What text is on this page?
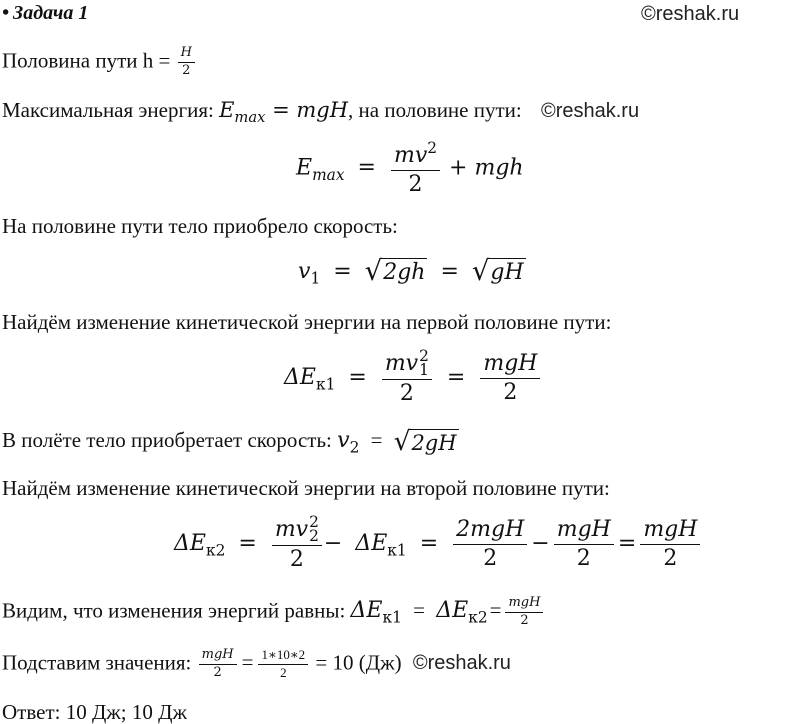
• Задача 1	©reshak.ru
Половина пути $h = \frac{H}{2}$
Максимальная энергия: $E_{max}$ = mgH, на половине пути: ©reshak.ru
$E_{max} = \frac{mv^2}{2}$ + mgh
На половине пути тело приобрело скорость:
$v_1$ = √ 2gh = √ gH
Найдём изменение кинетической энергии на первой половине пути:
$\Delta E_{к1}$ = mv 2
1
$2 = \frac{\text{mgH}}{2}$
В полёте тело приобретает скорость: $v_2$ = √ 2gH
Найдём изменение кинетической энергии на второй половине пути:
$\Delta E_{к2}$ = mv 2
2
$2 - \Delta E_{к1} = \frac{\text{2mgH}}{2} - \frac{\text{mgH}}{2} = \frac{\text{mgH}}{2}$
Видим, что изменения энергий равны: $\Delta E_{к1} = \Delta E_{к2}= \frac{\text{mgH}}{2}$
Подставим значения: $\frac{\text{mgH}}{2} = \frac{1∗10∗2}{2} = 10$ (Дж) ©reshak.ru
Ответ: 10 Дж; 10 Дж
